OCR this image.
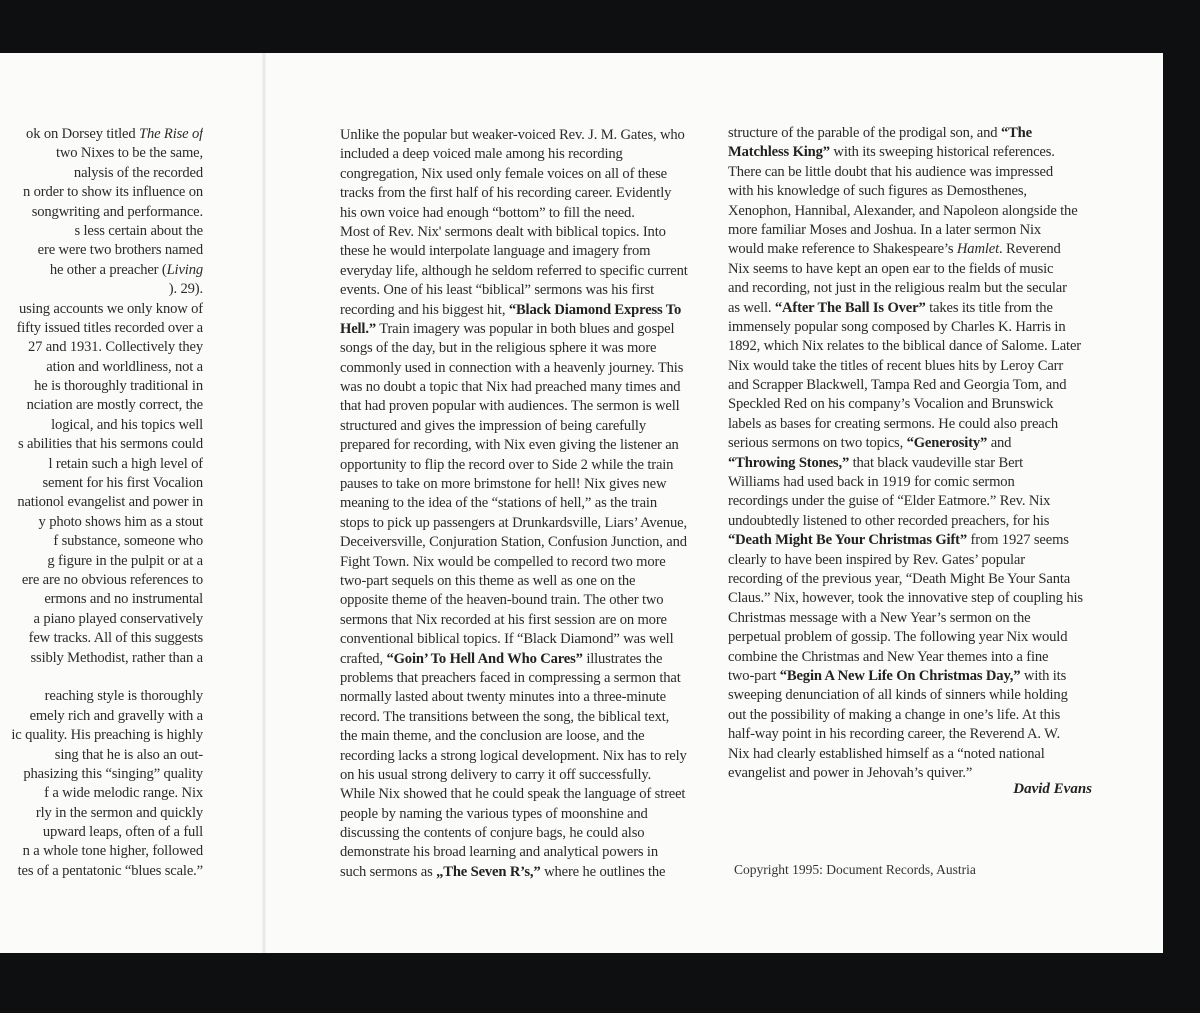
ok on Dorsey titled The Rise of
two Nixes to be the same,
nalysis of the recorded
n order to show its influence on
songwriting and performance.
s less certain about the
ere were two brothers named
he other a preacher (Living
). 29).
using accounts we only know of
fifty issued titles recorded over a
27 and 1931. Collectively they
ation and worldliness, not a
he is thoroughly traditional in
nciation are mostly correct, the
logical, and his topics well
s abilities that his sermons could
l retain such a high level of
sement for his first Vocalion
nationol evangelist and power in
y photo shows him as a stout
f substance, someone who
g figure in the pulpit or at a
ere are no obvious references to
ermons and no instrumental
a piano played conservatively
few tracks. All of this suggests
ssibly Methodist, rather than a

reaching style is thoroughly
emely rich and gravelly with a
ic quality. His preaching is highly
sing that he is also an out-
phasizing this “singing” quality
f a wide melodic range. Nix
rly in the sermon and quickly
upward leaps, often of a full
n a whole tone higher, followed
tes of a pentatonic “blues scale.”
Unlike the popular but weaker-voiced Rev. J. M. Gates, who
included a deep voiced male among his recording
congregation, Nix used only female voices on all of these
tracks from the first half of his recording career. Evidently
his own voice had enough “bottom” to fill the need.
Most of Rev. Nix' sermons dealt with biblical topics. Into
these he would interpolate language and imagery from
everyday life, although he seldom referred to specific current
events. One of his least “biblical” sermons was his first
recording and his biggest hit, “Black Diamond Express To
Hell.” Train imagery was popular in both blues and gospel
songs of the day, but in the religious sphere it was more
commonly used in connection with a heavenly journey. This
was no doubt a topic that Nix had preached many times and
that had proven popular with audiences. The sermon is well
structured and gives the impression of being carefully
prepared for recording, with Nix even giving the listener an
opportunity to flip the record over to Side 2 while the train
pauses to take on more brimstone for hell! Nix gives new
meaning to the idea of the “stations of hell,” as the train
stops to pick up passengers at Drunkardsville, Liars’ Avenue,
Deceiversville, Conjuration Station, Confusion Junction, and
Fight Town. Nix would be compelled to record two more
two-part sequels on this theme as well as one on the
opposite theme of the heaven-bound train. The other two
sermons that Nix recorded at his first session are on more
conventional biblical topics. If “Black Diamond” was well
crafted, “Goin’ To Hell And Who Cares” illustrates the
problems that preachers faced in compressing a sermon that
normally lasted about twenty minutes into a three-minute
record. The transitions between the song, the biblical text,
the main theme, and the conclusion are loose, and the
recording lacks a strong logical development. Nix has to rely
on his usual strong delivery to carry it off successfully.
While Nix showed that he could speak the language of street
people by naming the various types of moonshine and
discussing the contents of conjure bags, he could also
demonstrate his broad learning and analytical powers in
such sermons as „The Seven R’s,” where he outlines the
structure of the parable of the prodigal son, and “The
Matchless King” with its sweeping historical references.
There can be little doubt that his audience was impressed
with his knowledge of such figures as Demosthenes,
Xenophon, Hannibal, Alexander, and Napoleon alongside the
more familiar Moses and Joshua. In a later sermon Nix
would make reference to Shakespeare’s Hamlet. Reverend
Nix seems to have kept an open ear to the fields of music
and recording, not just in the religious realm but the secular
as well. “After The Ball Is Over” takes its title from the
immensely popular song composed by Charles K. Harris in
1892, which Nix relates to the biblical dance of Salome. Later
Nix would take the titles of recent blues hits by Leroy Carr
and Scrapper Blackwell, Tampa Red and Georgia Tom, and
Speckled Red on his company’s Vocalion and Brunswick
labels as bases for creating sermons. He could also preach
serious sermons on two topics, “Generosity” and
“Throwing Stones,” that black vaudeville star Bert
Williams had used back in 1919 for comic sermon
recordings under the guise of “Elder Eatmore.” Rev. Nix
undoubtedly listened to other recorded preachers, for his
“Death Might Be Your Christmas Gift” from 1927 seems
clearly to have been inspired by Rev. Gates’ popular
recording of the previous year, “Death Might Be Your Santa
Claus.” Nix, however, took the innovative step of coupling his
Christmas message with a New Year’s sermon on the
perpetual problem of gossip. The following year Nix would
combine the Christmas and New Year themes into a fine
two-part “Begin A New Life On Christmas Day,” with its
sweeping denunciation of all kinds of sinners while holding
out the possibility of making a change in one’s life. At this
half-way point in his recording career, the Reverend A. W.
Nix had clearly established himself as a “noted national
evangelist and power in Jehovah’s quiver.”
David Evans
Copyright 1995: Document Records, Austria
